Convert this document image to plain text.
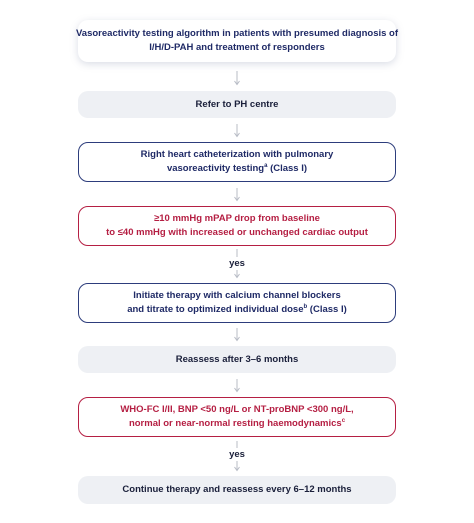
Vasoreactivity testing algorithm in patients with presumed diagnosis of
I/H/D-PAH and treatment of responders
Refer to PH centre
Right heart catheterization with pulmonary
vasoreactivity testing$^a$ (Class I)
≥10 mmHg mPAP drop from baseline
to ≤40 mmHg with increased or unchanged cardiac output
yes
Initiate therapy with calcium channel blockers
and titrate to optimized individual dose$^b$ (Class I)
Reassess after 3–6 months
WHO-FC I/II, BNP <50 ng/L or NT-proBNP <300 ng/L,
normal or near-normal resting haemodynamics$^c$
yes
Continue therapy and reassess every 6–12 months
